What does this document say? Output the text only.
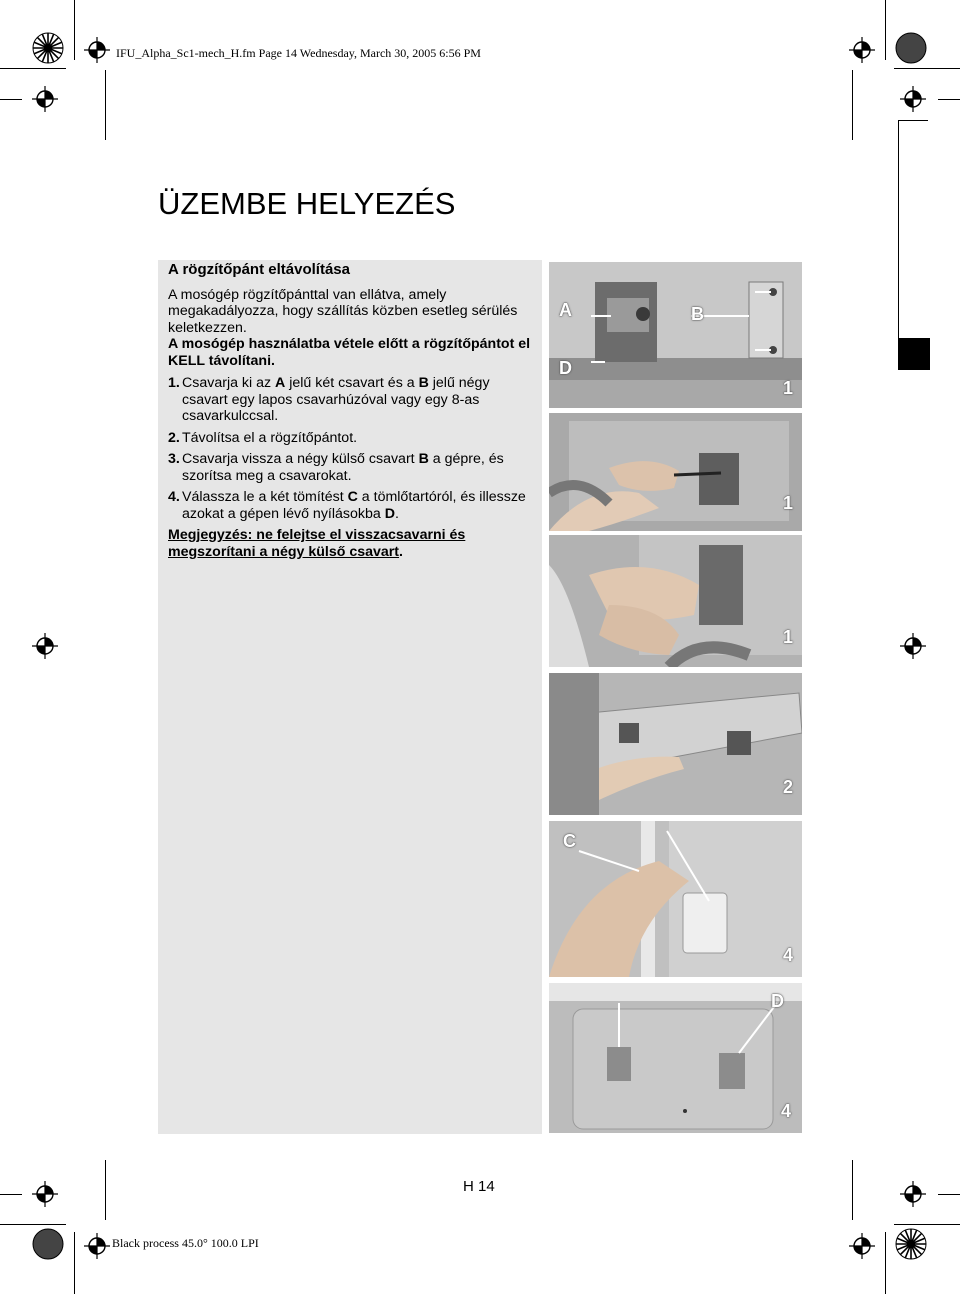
IFU_Alpha_Sc1-mech_H.fm Page 14 Wednesday, March 30, 2005 6:56 PM
Black process 45.0° 100.0 LPI
ÜZEMBE HELYEZÉS

A rögzítőpánt eltávolítása

A mosógép rögzítőpánttal van ellátva, amely megakadályozza, hogy szállítás közben esetleg sérülés keletkezzen.

A mosógép használatba vétele előtt a rögzítőpántot el KELL távolítani.

1. Csavarja ki az A jelű két csavart és a B jelű négy csavart egy lapos csavarhúzóval vagy egy 8-as csavarkulccsal.
2. Távolítsa el a rögzítőpántot.
3. Csavarja vissza a négy külső csavart B a gépre, és szorítsa meg a csavarokat.
4. Válassza le a két tömítést C a tömlőtartóról, és illessze azokat a gépen lévő nyílásokba D.

Megjegyzés: ne felejtse el visszacsavarni és megszorítani a négy külső csavart.

A	B
D
1
1
1
2
C
4
D
4
H 14
